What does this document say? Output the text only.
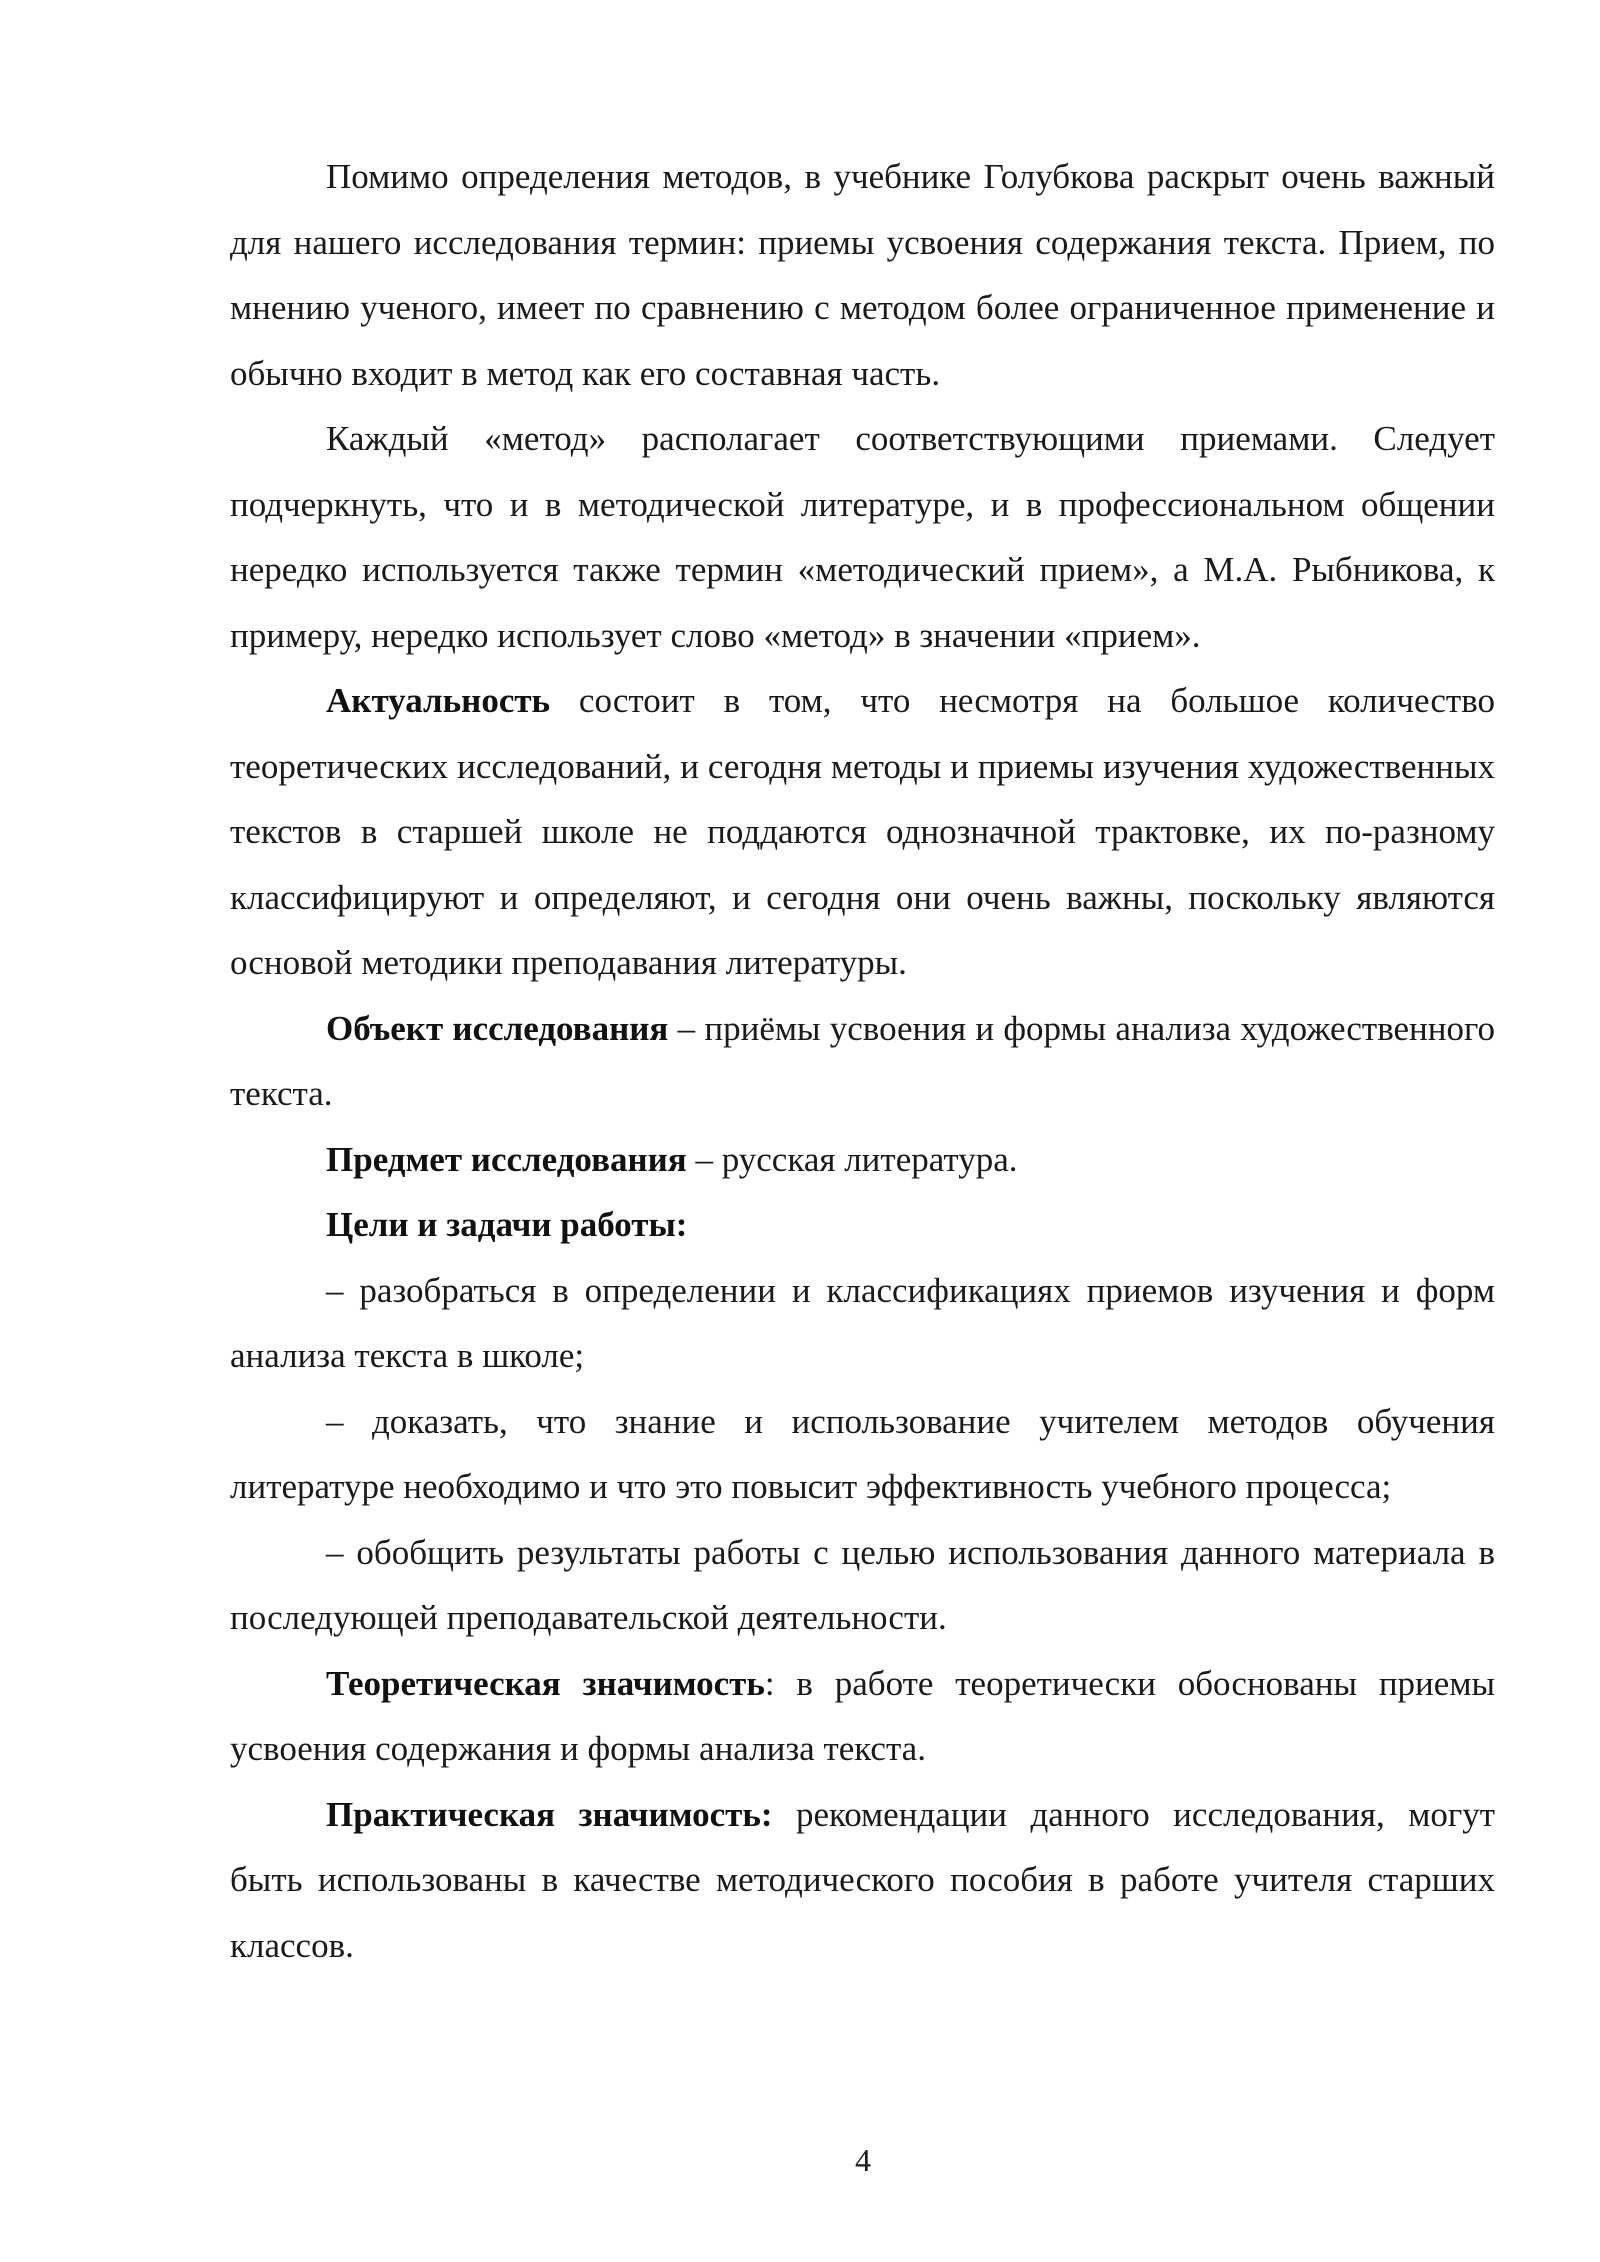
Помимо определения методов, в учебнике Голубкова раскрыт очень важный для нашего исследования термин: приемы усвоения содержания текста. Прием, по мнению ученого, имеет по сравнению с методом более ограниченное применение и обычно входит в метод как его составная часть.

Каждый «метод» располагает соответствующими приемами. Следует подчеркнуть, что и в методической литературе, и в профессиональном общении нередко используется также термин «методический прием», а М.А. Рыбникова, к примеру, нередко использует слово «метод» в значении «прием».

Актуальность состоит в том, что несмотря на большое количество теоретических исследований, и сегодня методы и приемы изучения художественных текстов в старшей школе не поддаются однозначной трактовке, их по-разному классифицируют и определяют, и сегодня они очень важны, поскольку являются основой методики преподавания литературы.

Объект исследования – приёмы усвоения и формы анализа художественного текста.

Предмет исследования – русская литература.

Цели и задачи работы:

– разобраться в определении и классификациях приемов изучения и форм анализа текста в школе;

– доказать, что знание и использование учителем методов обучения литературе необходимо и что это повысит эффективность учебного процесса;

– обобщить результаты работы с целью использования данного материала в последующей преподавательской деятельности.

Теоретическая значимость: в работе теоретически обоснованы приемы усвоения содержания и формы анализа текста.

Практическая значимость: рекомендации данного исследования, могут быть использованы в качестве методического пособия в работе учителя старших классов.

4
